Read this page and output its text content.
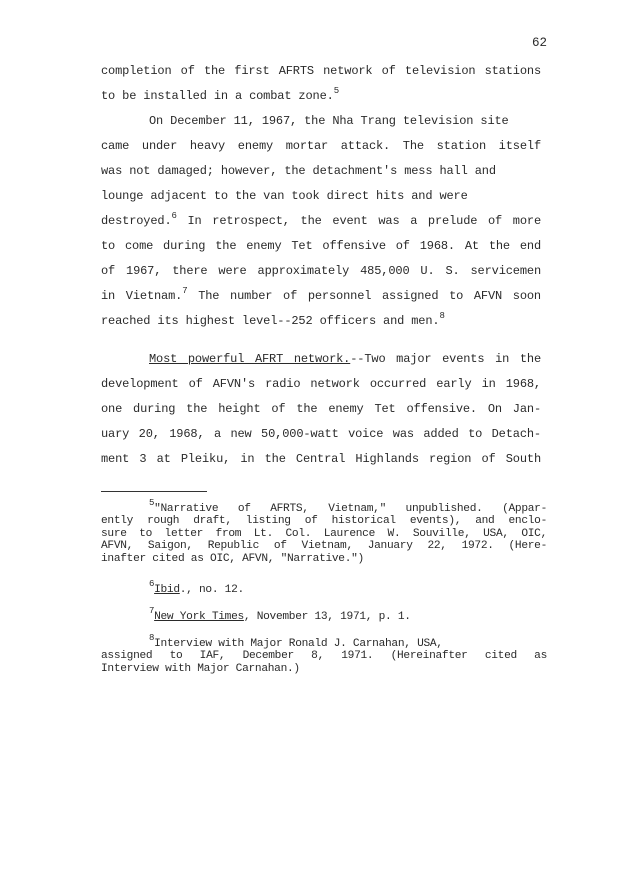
62
completion of the first AFRTS network of television stations
to be installed in a combat zone.$^5$
On December 11, 1967, the Nha Trang television site
came under heavy enemy mortar attack. The station itself
was not damaged; however, the detachment's mess hall and
lounge adjacent to the van took direct hits and were
destroyed.$^6$ In retrospect, the event was a prelude of more
to come during the enemy Tet offensive of 1968. At the end
of 1967, there were approximately 485,000 U. S. servicemen
in Vietnam.$^7$ The number of personnel assigned to AFVN soon
reached its highest level--252 officers and men.$^8$
Most powerful AFRT network.--Two major events in the
development of AFVN's radio network occurred early in 1968,
one during the height of the enemy Tet offensive. On Jan-
uary 20, 1968, a new 50,000-watt voice was added to Detach-
ment 3 at Pleiku, in the Central Highlands region of South
$^5$"Narrative of AFRTS, Vietnam," unpublished. (Appar-
ently rough draft, listing of historical events), and enclo-
sure to letter from Lt. Col. Laurence W. Souville, USA, OIC,
AFVN, Saigon, Republic of Vietnam, January 22, 1972. (Here-
inafter cited as OIC, AFVN, "Narrative.")
$^6$Ibid., no. 12.
$^7$New York Times, November 13, 1971, p. 1.
$^8$Interview with Major Ronald J. Carnahan, USA,
assigned to IAF, December 8, 1971. (Hereinafter cited as
Interview with Major Carnahan.)
